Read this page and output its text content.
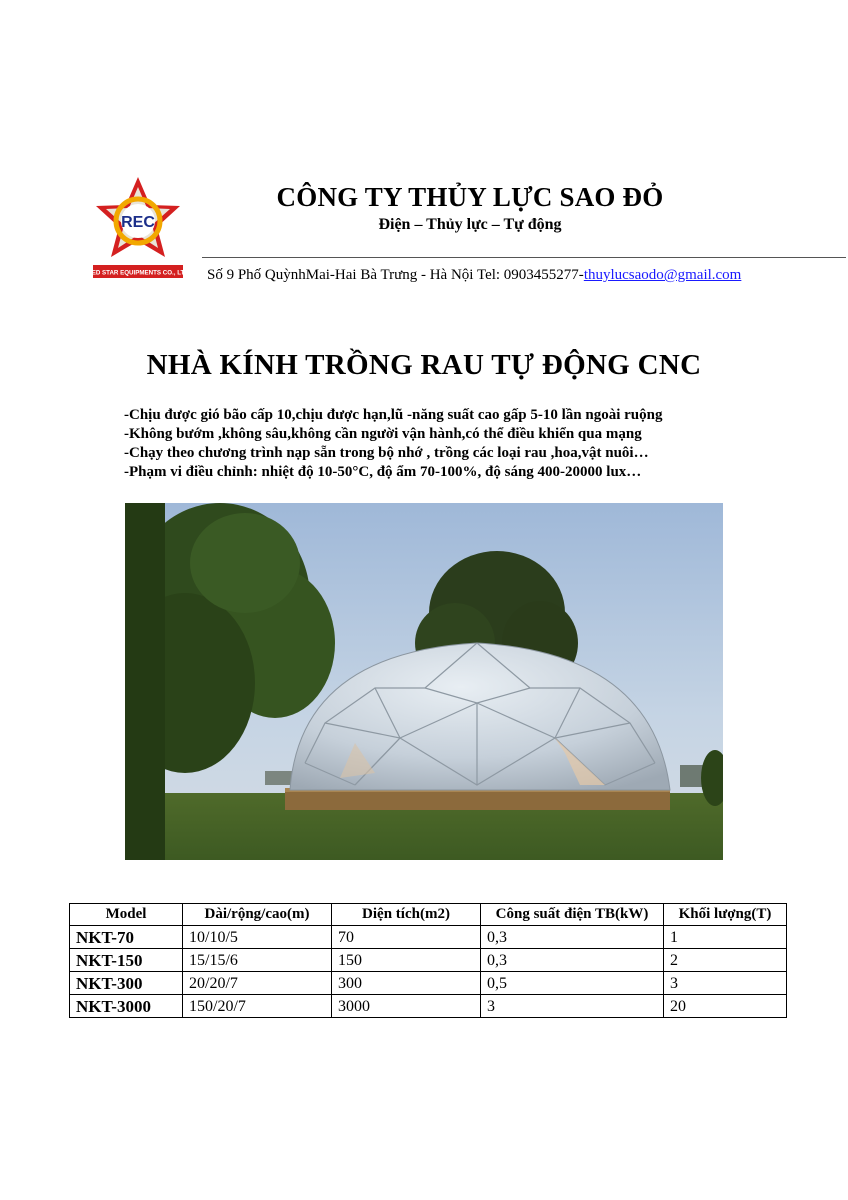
REC
RED STAR EQUIPMENTS CO., LTD
CÔNG TY THỦY LỰC SAO ĐỎ
Điện – Thủy lực – Tự động
Số 9 Phố QuỳnhMai-Hai Bà Trưng - Hà Nội Tel: 0903455277-thuylucsaodo@gmail.com
NHÀ KÍNH TRỒNG RAU TỰ ĐỘNG CNC
-Chịu được gió bão cấp 10,chịu được hạn,lũ -năng suất cao gấp 5-10 lần ngoài ruộng
-Không bướm ,không sâu,không cần người vận hành,có thể điều khiển qua mạng
-Chạy theo chương trình nạp sẵn trong bộ nhớ , trồng các loại rau ,hoa,vật nuôi…
-Phạm vi điều chỉnh: nhiệt độ 10-50°C, độ ẩm 70-100%, độ sáng 400-20000 lux…
Model	Dài/rộng/cao(m)	Diện tích(m2)	Công suất điện TB(kW)	Khối lượng(T)
NKT-70	10/10/5	70	0,3	1
NKT-150	15/15/6	150	0,3	2
NKT-300	20/20/7	300	0,5	3
NKT-3000	150/20/7	3000	3	20
